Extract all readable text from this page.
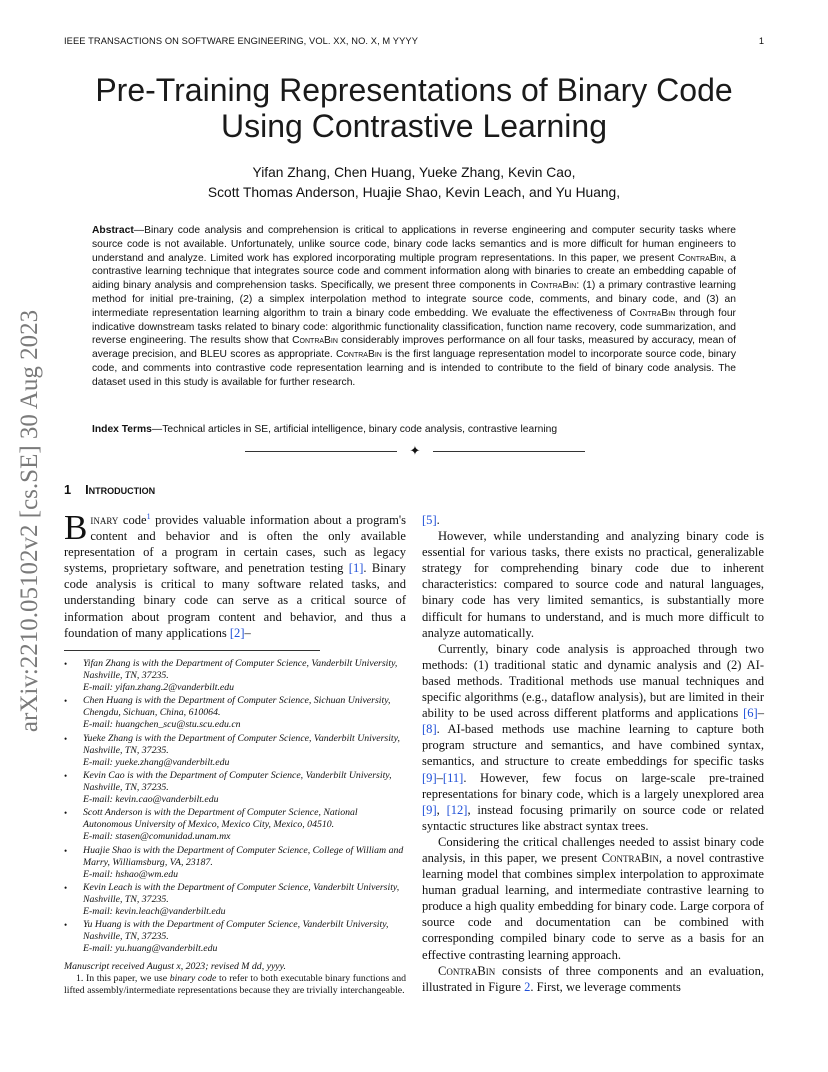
IEEE TRANSACTIONS ON SOFTWARE ENGINEERING, VOL. XX, NO. X, M YYYY	1
arXiv:2210.05102v2 [cs.SE] 30 Aug 2023
Pre-Training Representations of Binary Code
Using Contrastive Learning
Yifan Zhang, Chen Huang, Yueke Zhang, Kevin Cao,
Scott Thomas Anderson, Huajie Shao, Kevin Leach, and Yu Huang,
Abstract—Binary code analysis and comprehension is critical to applications in reverse engineering and computer security tasks where source code is not available. Unfortunately, unlike source code, binary code lacks semantics and is more difficult for human engineers to understand and analyze. Limited work has explored incorporating multiple program representations. In this paper, we present ContraBin, a contrastive learning technique that integrates source code and comment information along with binaries to create an embedding capable of aiding binary analysis and comprehension tasks. Specifically, we present three components in ContraBin: (1) a primary contrastive learning method for initial pre-training, (2) a simplex interpolation method to integrate source code, comments, and binary code, and (3) an intermediate representation learning algorithm to train a binary code embedding. We evaluate the effectiveness of ContraBin through four indicative downstream tasks related to binary code: algorithmic functionality classification, function name recovery, code summarization, and reverse engineering. The results show that ContraBin considerably improves performance on all four tasks, measured by accuracy, mean of average precision, and BLEU scores as appropriate. ContraBin is the first language representation model to incorporate source code, binary code, and comments into contrastive code representation learning and is intended to contribute to the field of binary code analysis. The dataset used in this study is available for further research.
Index Terms—Technical articles in SE, artificial intelligence, binary code analysis, contrastive learning
✦
1 Introduction

Binary code$^1$ provides valuable information about a program's content and behavior and is often the only available representation of a program in certain cases, such as legacy systems, proprietary software, and penetration testing [1]. Binary code analysis is critical to many software related tasks, and understanding binary code can serve as a critical source of information about program content and behavior, and thus a foundation of many applications [2]–

[5].

However, while understanding and analyzing binary code is essential for various tasks, there exists no practical, generalizable strategy for comprehending binary code due to inherent characteristics: compared to source code and natural languages, binary code has very limited semantics, is substantially more difficult for humans to understand, and is much more difficult to analyze automatically.

Currently, binary code analysis is approached through two methods: (1) traditional static and dynamic analysis and (2) AI-based methods. Traditional methods use manual techniques and specific algorithms (e.g., dataflow analysis), but are limited in their ability to be used across different platforms and applications [6]–[8]. AI-based methods use machine learning to capture both program structure and semantics, and have combined syntax, semantics, and structure to create embeddings for specific tasks [9]–[11]. However, few focus on large-scale pre-trained representations for binary code, which is a largely unexplored area [9], [12], instead focusing primarily on source code or related syntactic structures like abstract syntax trees.

Considering the critical challenges needed to assist binary code analysis, in this paper, we present ContraBin, a novel contrastive learning model that combines simplex interpolation to approximate human gradual learning, and intermediate contrastive learning to produce a high quality embedding for binary code. Large corpora of source code and documentation can be combined with corresponding compiled binary code to serve as a basis for an effective contrasting learning approach.

ContraBin consists of three components and an evaluation, illustrated in Figure 2. First, we leverage comments

• Yifan Zhang is with the Department of Computer Science, Vanderbilt University, Nashville, TN, 37235.
E-mail: yifan.zhang.2@vanderbilt.edu
• Chen Huang is with the Department of Computer Science, Sichuan University, Chengdu, Sichuan, China, 610064.
E-mail: huangchen_scu@stu.scu.edu.cn
• Yueke Zhang is with the Department of Computer Science, Vanderbilt University, Nashville, TN, 37235.
E-mail: yueke.zhang@vanderbilt.edu
• Kevin Cao is with the Department of Computer Science, Vanderbilt University, Nashville, TN, 37235.
E-mail: kevin.cao@vanderbilt.edu
• Scott Anderson is with the Department of Computer Science, National Autonomous University of Mexico, Mexico City, Mexico, 04510.
E-mail: stasen@comunidad.unam.mx
• Huajie Shao is with the Department of Computer Science, College of William and Marry, Williamsburg, VA, 23187.
E-mail: hshao@wm.edu
• Kevin Leach is with the Department of Computer Science, Vanderbilt University, Nashville, TN, 37235.
E-mail: kevin.leach@vanderbilt.edu
• Yu Huang is with the Department of Computer Science, Vanderbilt University, Nashville, TN, 37235.
E-mail: yu.huang@vanderbilt.edu
Manuscript received August x, 2023; revised M dd, yyyy.
1. In this paper, we use binary code to refer to both executable binary functions and lifted assembly/intermediate representations because they are trivially interchangeable.
